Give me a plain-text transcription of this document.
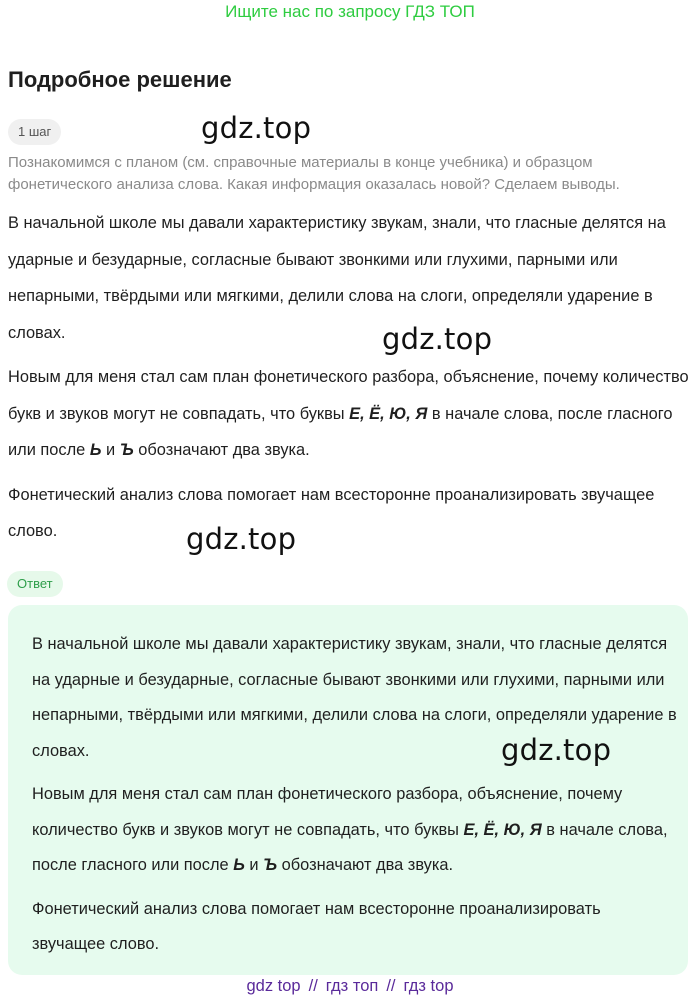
Ищите нас по запросу ГДЗ ТОП
Подробное решение
1 шаг	gdz.top

Познакомимся с планом (см. справочные материалы в конце учебника) и образцом фонетического анализа слова. Какая информация оказалась новой? Сделаем выводы.

В начальной школе мы давали характеристику звукам, знали, что гласные делятся на ударные и безударные, согласные бывают звонкими или глухими, парными или непарными, твёрдыми или мягкими, делили слова на слоги, определяли ударение в словах.

Новым для меня стал сам план фонетического разбора, объяснение, почему количество букв и звуков могут не совпадать, что буквы Е, Ё, Ю, Я в начале слова, после гласного или после Ь и Ъ обозначают два звука.

Фонетический анализ слова помогает нам всесторонне проанализировать звучащее слово.

gdz.top
gdz.top
Ответ

В начальной школе мы давали характеристику звукам, знали, что гласные делятся на ударные и безударные, согласные бывают звонкими или глухими, парными или непарными, твёрдыми или мягкими, делили слова на слоги, определяли ударение в словах.

Новым для меня стал сам план фонетического разбора, объяснение, почему количество букв и звуков могут не совпадать, что буквы Е, Ё, Ю, Я в начале слова, после гласного или после Ь и Ъ обозначают два звука.

Фонетический анализ слова помогает нам всесторонне проанализировать звучащее слово.

gdz.top
gdz top // гдз топ // гдз top
